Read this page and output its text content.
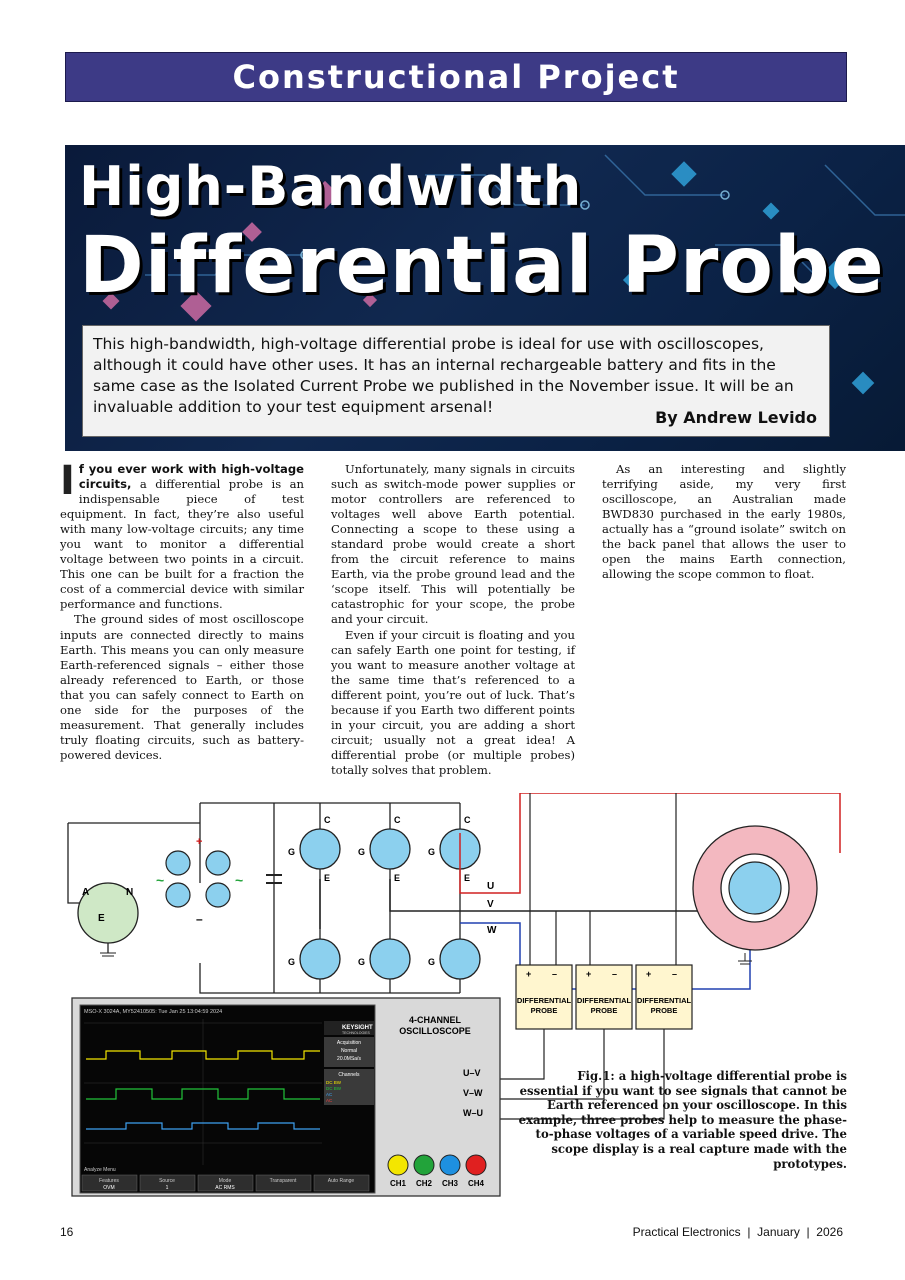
Constructional Project
High-Bandwidth
Differential Probe
This high-bandwidth, high-voltage differential probe is ideal for use with oscilloscopes, although it could have other uses. It has an internal rechargeable battery and fits in the same case as the Isolated Current Probe we published in the November issue. It will be an invaluable addition to your test equipment arsenal!
By Andrew Levido

If you ever work with high-voltage circuits, a differential probe is an indispensable piece of test equipment. In fact, they’re also useful with many low-voltage circuits; any time you want to monitor a differential voltage between two points in a circuit. This one can be built for a fraction the cost of a commercial device with similar performance and functions.

The ground sides of most oscilloscope inputs are connected directly to mains Earth. This means you can only measure Earth-referenced signals – either those already referenced to Earth, or those that you can safely connect to Earth on one side for the purposes of the measurement. That generally includes truly floating circuits, such as battery-powered devices.

Unfortunately, many signals in circuits such as switch-mode power supplies or motor controllers are referenced to voltages well above Earth potential. Connecting a scope to these using a standard probe would create a short from the circuit reference to mains Earth, via the probe ground lead and the ‘scope itself. This will potentially be catastrophic for your scope, the probe and your circuit.

Even if your circuit is floating and you can safely Earth one point for testing, if you want to measure another voltage at the same time that’s referenced to a different point, you’re out of luck. That’s because if you Earth two different points in your circuit, you are adding a short circuit; usually not a great idea! A differential probe (or multiple probes) totally solves that problem.

As an interesting and slightly terrifying aside, my very first oscilloscope, an Australian made BWD830 purchased in the early 1980s, actually has a “ground isolate” switch on the back panel that allows the user to open the mains Earth connection, allowing the scope common to float.

A	N
E
+
–
~	~
C	C	C
E	E	E
G	G	G
G	G	G
U
V
W
DIFFERENTIAL
PROBE
DIFFERENTIAL
PROBE
DIFFERENTIAL
PROBE
+ –	+ –	+ –
4-CHANNEL
OSCILLOSCOPE
U–V
V–W
W–U
CH1 CH2 CH3 CH4
MSO-X 3024A, MY52410505: Tue Jan 25 13:04:59 2024
KEYSIGHT
TECHNOLOGIES
Acquisition
Normal
20.0MSa/s
Channels
DC BW
DC BW
AC
AC
Analyze Menu
Features
OVM
Source
1
Mode
AC RMS
Transparent	Auto Range
Fig.1: a high-voltage differential probe is essential if you want to see signals that cannot be Earth referenced on your oscilloscope. In this example, three probes help to measure the phase-to-phase voltages of a variable speed drive. The scope display is a real capture made with the prototypes.
16	Practical Electronics  |  January  |  2026
